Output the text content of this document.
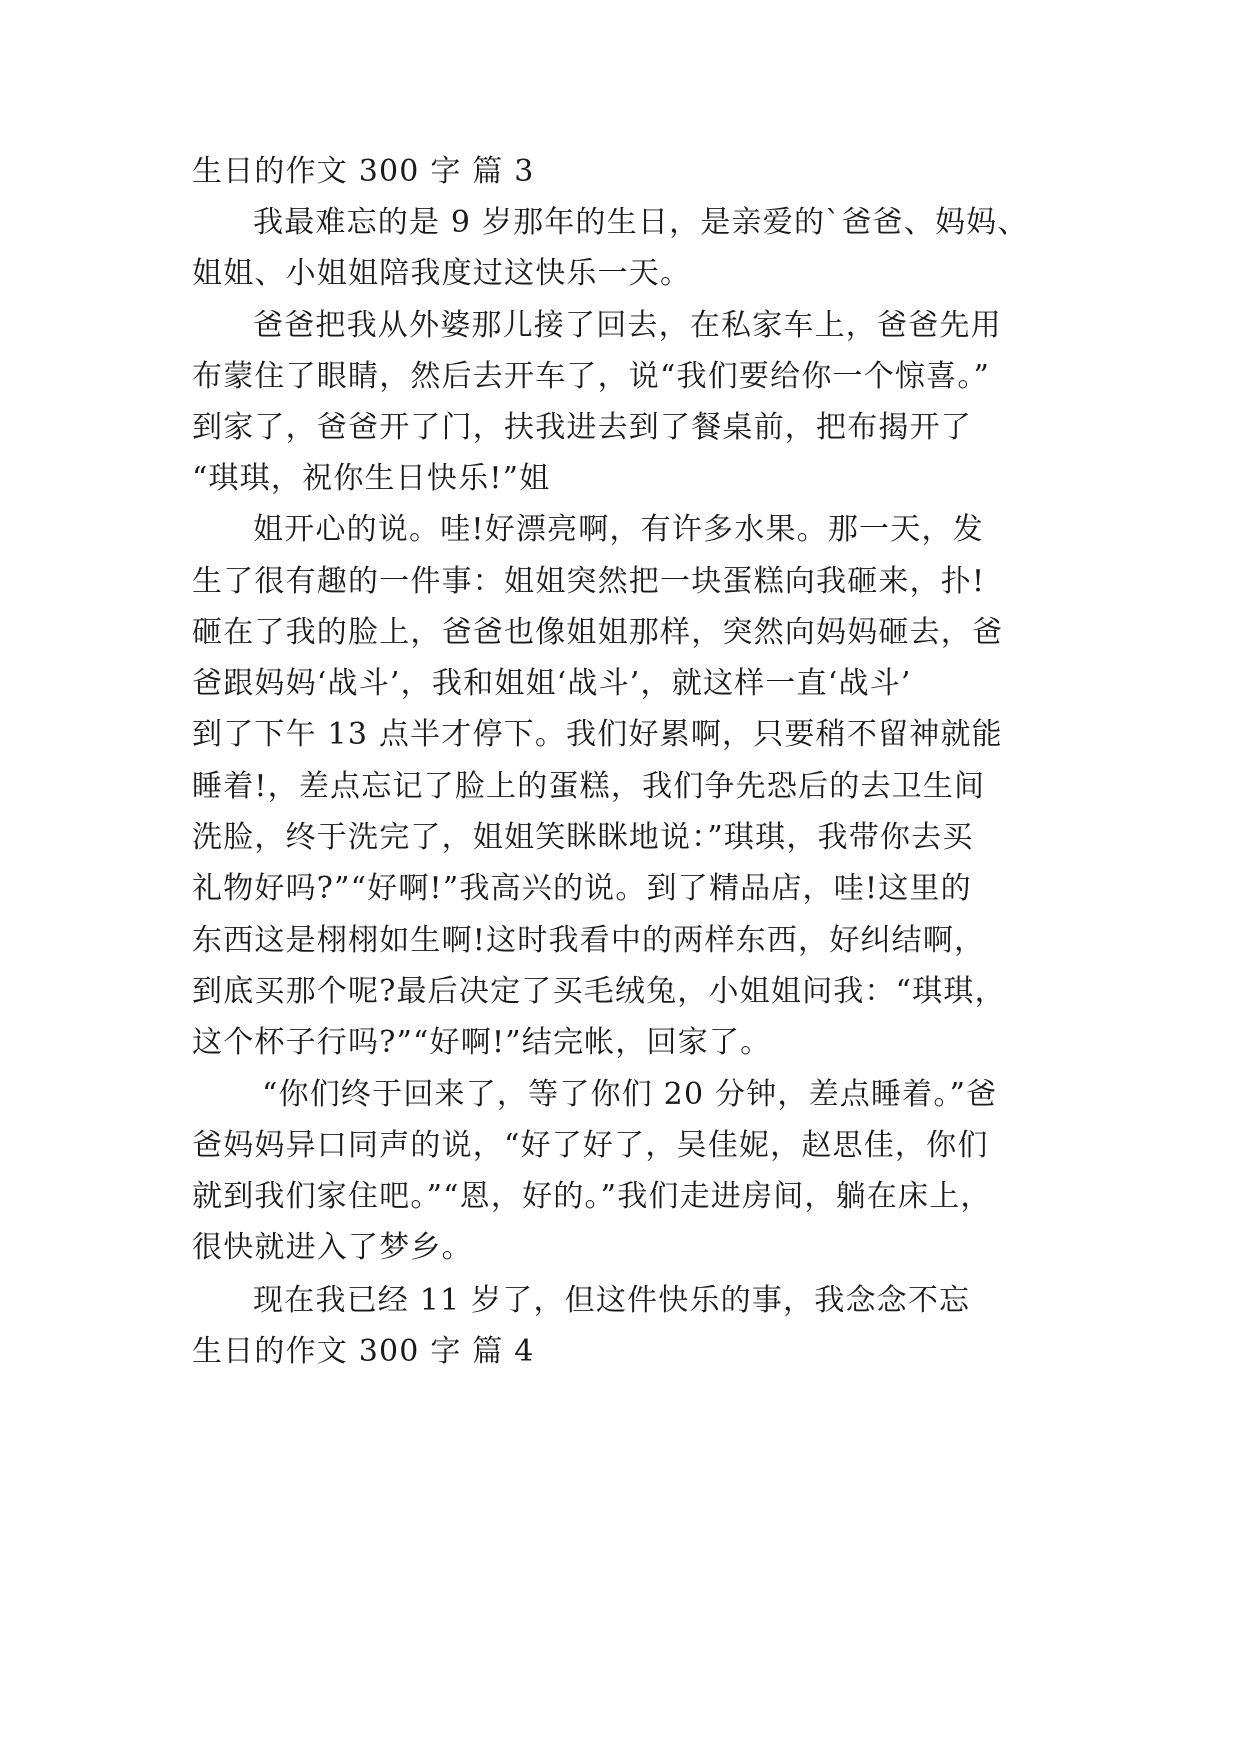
生日的作文 300 字 篇 3
我最难忘的是 9 岁那年的生日，是亲爱的`爸爸、妈妈、
姐姐、小姐姐陪我度过这快乐一天。
爸爸把我从外婆那儿接了回去，在私家车上，爸爸先用
布蒙住了眼睛，然后去开车了，说“我们要给你一个惊喜。”
到家了，爸爸开了门，扶我进去到了餐桌前，把布揭开了
“琪琪，祝你生日快乐!”姐
姐开心的说。哇!好漂亮啊，有许多水果。那一天，发
生了很有趣的一件事：姐姐突然把一块蛋糕向我砸来，扑!
砸在了我的脸上，爸爸也像姐姐那样，突然向妈妈砸去，爸
爸跟妈妈‘战斗’，我和姐姐‘战斗’，就这样一直‘战斗’
到了下午 13 点半才停下。我们好累啊，只要稍不留神就能
睡着!，差点忘记了脸上的蛋糕，我们争先恐后的去卫生间
洗脸，终于洗完了，姐姐笑眯眯地说：”琪琪，我带你去买
礼物好吗?”“好啊!”我高兴的说。到了精品店，哇!这里的
东西这是栩栩如生啊!这时我看中的两样东西，好纠结啊，
到底买那个呢?最后决定了买毛绒兔，小姐姐问我：“琪琪，
这个杯子行吗?”“好啊!”结完帐，回家了。
“你们终于回来了，等了你们 20 分钟，差点睡着。”爸
爸妈妈异口同声的说，“好了好了，吴佳妮，赵思佳，你们
就到我们家住吧。”“恩，好的。”我们走进房间，躺在床上，
很快就进入了梦乡。
现在我已经 11 岁了，但这件快乐的事，我念念不忘
生日的作文 300 字 篇 4
